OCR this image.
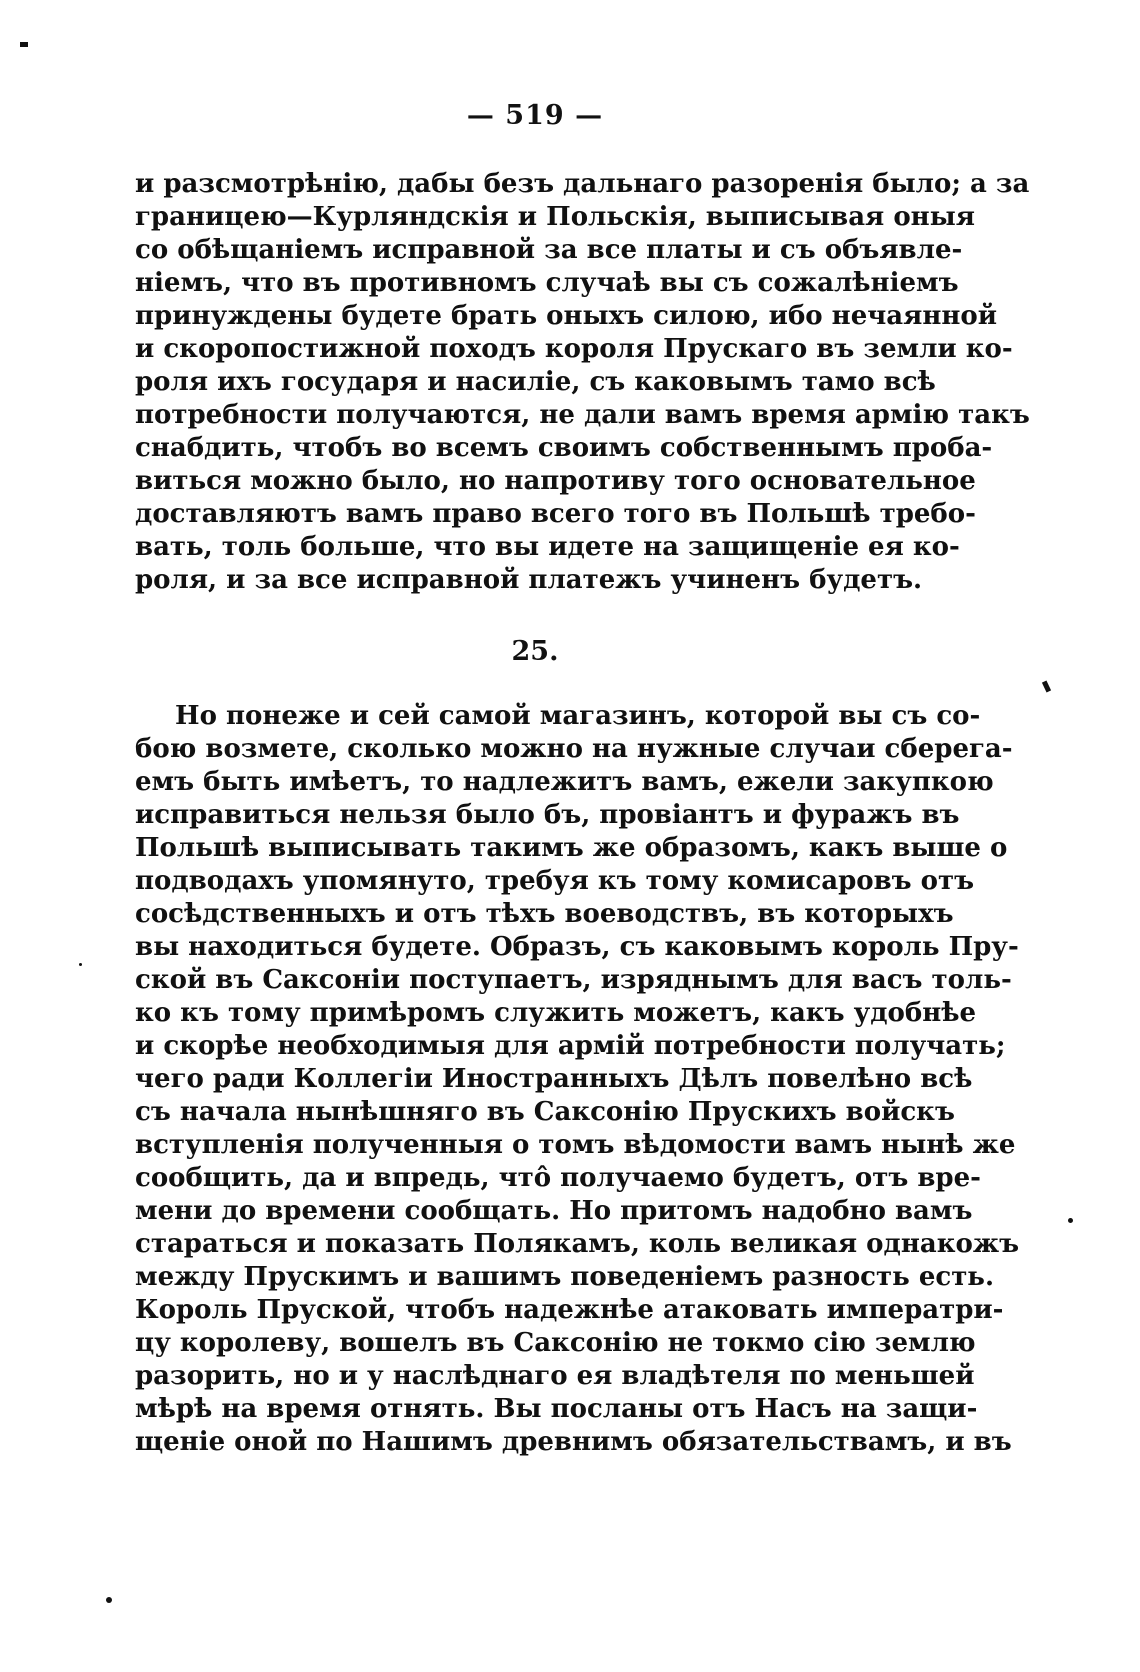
— 519 —
и разсмотрѣнію, дабы безъ дальнаго разоренія было; а за
границею—Курляндскія и Польскія, выписывая оныя
со обѣщаніемъ исправной за все платы и съ объявле-
ніемъ, что въ противномъ случаѣ вы съ сожалѣніемъ
принуждены будете брать оныхъ силою, ибо нечаянной
и скоропостижной походъ короля Прускаго въ земли ко-
роля ихъ государя и насиліе, съ каковымъ тамо всѣ
потребности получаются, не дали вамъ время армію такъ
снабдить, чтобъ во всемъ своимъ собственнымъ пробa-
виться можно было, но напротиву того основательное
доставляютъ вамъ право всего того въ Польшѣ требо-
вать, толь больше, что вы идете на защищеніе ея ко-
роля, и за все исправной платежъ учиненъ будетъ.
25.
Но понеже и сей самой магазинъ, которой вы съ со-
бою возмете, сколько можно на нужные случаи сберегa-
емъ быть имѣетъ, то надлежитъ вамъ, ежели закупкою
исправиться нельзя было бъ, провіантъ и фуражъ въ
Польшѣ выписывать такимъ же образомъ, какъ выше о
подводахъ упомянуто, требуя къ тому комисаровъ отъ
сосѣдственныхъ и отъ тѣхъ воеводствъ, въ которыхъ
вы находиться будете. Образъ, съ каковымъ король Пру-
ской въ Саксоніи поступаетъ, изряднымъ для васъ толь-
ко къ тому примѣромъ служить можетъ, какъ удобнѣе
и скорѣе необходимыя для армій потребности получать;
чего ради Коллегіи Иностранныхъ Дѣлъ повелѣно всѣ
съ начала нынѣшняго въ Саксонію Прускихъ войскъ
вступленія полученныя о томъ вѣдомости вамъ нынѣ же
сообщить, да и впредь, что̂ получаемо будетъ, отъ вре-
мени до времени сообщать. Но притомъ надобно вамъ
стараться и показать Полякамъ, коль великая однакожъ
между Прускимъ и вашимъ поведеніемъ разность есть.
Король Пруской, чтобъ надежнѣе атаковать императри-
цу королеву, вошелъ въ Саксонію не токмо сію землю
разорить, но и у наслѣднаго ея владѣтеля по меньшей
мѣрѣ на время отнять. Вы посланы отъ Насъ на защи-
щеніе оной по Нашимъ древнимъ обязательствамъ, и въ
